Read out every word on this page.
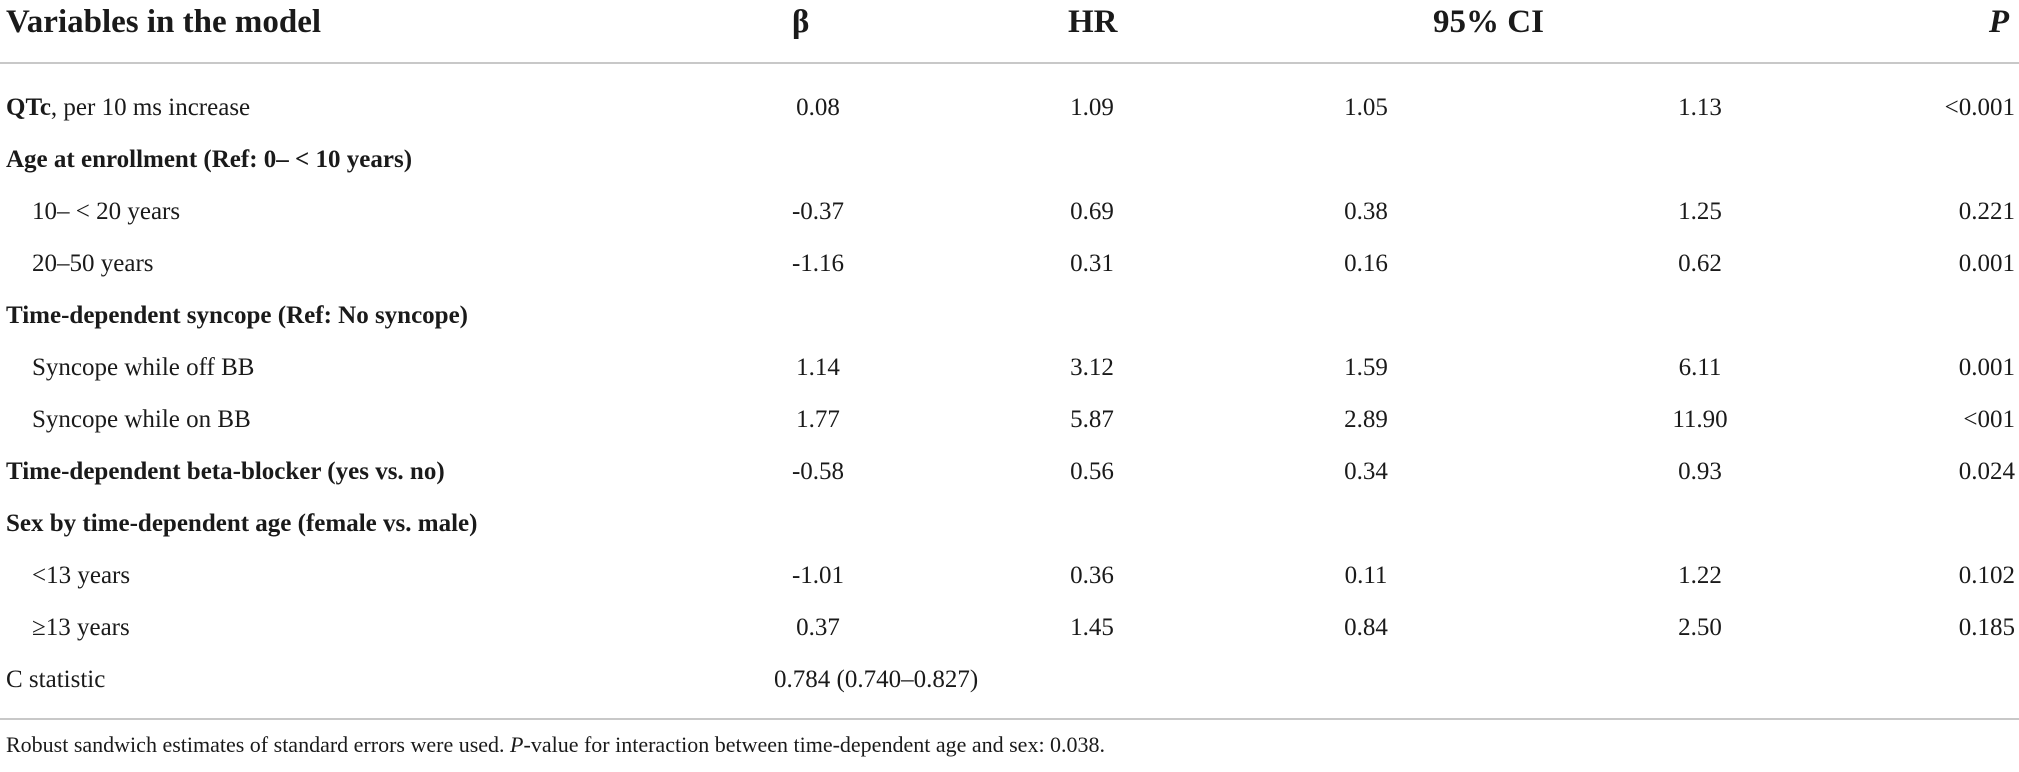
Variables in the model	β	HR	95% CI	P
QTc, per 10 ms increase	0.08	1.09	1.05	1.13	<0.001
Age at enrollment (Ref: 0– < 10 years)
10– < 20 years	-0.37	0.69	0.38	1.25	0.221
20–50 years	-1.16	0.31	0.16	0.62	0.001
Time-dependent syncope (Ref: No syncope)
Syncope while off BB	1.14	3.12	1.59	6.11	0.001
Syncope while on BB	1.77	5.87	2.89	11.90	<001
Time-dependent beta-blocker (yes vs. no)	-0.58	0.56	0.34	0.93	0.024
Sex by time-dependent age (female vs. male)
<13 years	-1.01	0.36	0.11	1.22	0.102
≥13 years	0.37	1.45	0.84	2.50	0.185
C statistic	0.784 (0.740–0.827)
Robust sandwich estimates of standard errors were used. P-value for interaction between time-dependent age and sex: 0.038.
